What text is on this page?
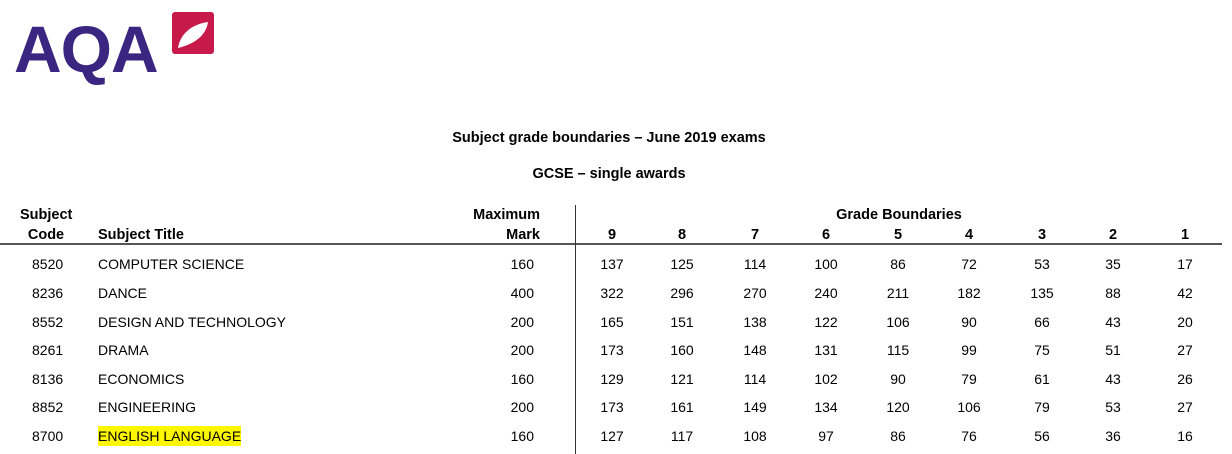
AQA
Subject grade boundaries – June 2019 exams
GCSE – single awards
Subject
Code	Subject Title
Maximum
Mark
Grade Boundaries
9	8	7	6	5	4	3	2	1
8520 COMPUTER SCIENCE	160	137	125	114	100	86	72	53	35	17
8236 DANCE	400	322	296	270	240	211	182	135	88	42
8552 DESIGN AND TECHNOLOGY	200	165	151	138	122	106	90	66	43	20
8261 DRAMA	200	173	160	148	131	115	99	75	51	27
8136 ECONOMICS	160	129	121	114	102	90	79	61	43	26
8852 ENGINEERING	200	173	161	149	134	120	106	79	53	27
8700 ENGLISH LANGUAGE	160	127	117	108	97	86	76	56	36	16
